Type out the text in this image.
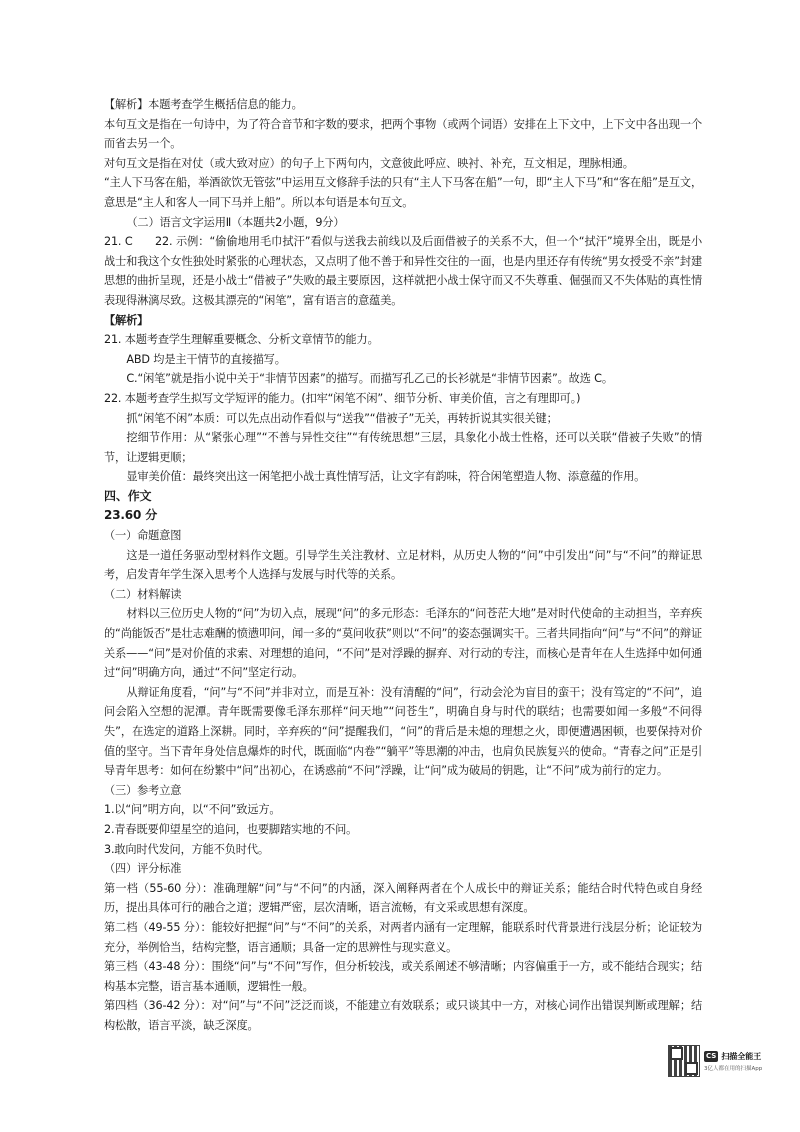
【解析】本题考查学生概括信息的能力。

本句互文是指在一句诗中，为了符合音节和字数的要求，把两个事物（或两个词语）安排在上下文中，上下文中各出现一个而省去另一个。

对句互文是指在对仗（或大致对应）的句子上下两句内，文意彼此呼应、映衬、补充，互文相足，理脉相通。

“主人下马客在船，举酒欲饮无管弦”中运用互文修辞手法的只有“主人下马客在船”一句，即“主人下马”和“客在船”是互文，意思是“主人和客人一同下马并上船”。所以本句语是本句互文。

（二）语言文字运用Ⅱ（本题共2小题，9分）

21. C　　22. 示例：“偷偷地用毛巾拭汗”看似与送我去前线以及后面借被子的关系不大，但一个“拭汗”境界全出，既是小战士和我这个女性独处时紧张的心理状态，又点明了他不善于和异性交往的一面，也是内里还存有传统“男女授受不亲”封建思想的曲折呈现，还是小战士“借被子”失败的最主要原因，这样就把小战士保守而又不失尊重、倔强而又不失体贴的真性情表现得淋漓尽致。这极其漂亮的“闲笔”，富有语言的意蕴美。

【解析】

21. 本题考查学生理解重要概念、分析文章情节的能力。

ABD 均是主干情节的直接描写。

C.“闲笔”就是指小说中关于“非情节因素”的描写。而描写孔乙己的长衫就是“非情节因素”。故选 C。

22. 本题考查学生拟写文学短评的能力。(扣牢“闲笔不闲”、细节分析、审美价值，言之有理即可。)

抓“闲笔不闲”本质：可以先点出动作看似与“送我”“借被子”无关，再转折说其实很关键；

挖细节作用：从“紧张心理”“不善与异性交往”“有传统思想”三层，具象化小战士性格，还可以关联“借被子失败”的情节，让逻辑更顺；

显审美价值：最终突出这一闲笔把小战士真性情写活，让文字有韵味，符合闲笔塑造人物、添意蕴的作用。

四、作文

23.60 分

（一）命题意图

这是一道任务驱动型材料作文题。引导学生关注教材、立足材料，从历史人物的“问”中引发出“问”与“不问”的辩证思考，启发青年学生深入思考个人选择与发展与时代等的关系。

（二）材料解读

材料以三位历史人物的“问”为切入点，展现“问”的多元形态：毛泽东的“问苍茫大地”是对时代使命的主动担当，辛弃疾的“尚能饭否”是壮志难酬的愤懑叩问，闻一多的“莫问收获”则以“不问”的姿态强调实干。三者共同指向“问”与“不问”的辩证关系——“问”是对价值的求索、对理想的追问，“不问”是对浮躁的摒弃、对行动的专注，而核心是青年在人生选择中如何通过“问”明确方向，通过“不问”坚定行动。

从辩证角度看，“问”与“不问”并非对立，而是互补：没有清醒的“问”，行动会沦为盲目的蛮干；没有笃定的“不问”，追问会陷入空想的泥潭。青年既需要像毛泽东那样“问天地”“问苍生”，明确自身与时代的联结；也需要如闻一多般“不问得失”，在选定的道路上深耕。同时，辛弃疾的“问”提醒我们，“问”的背后是未熄的理想之火，即便遭遇困顿，也要保持对价值的坚守。当下青年身处信息爆炸的时代，既面临“内卷”“躺平”等思潮的冲击，也肩负民族复兴的使命。“青春之问”正是引导青年思考：如何在纷繁中“问”出初心，在诱惑前“不问”浮躁，让“问”成为破局的钥匙，让“不问”成为前行的定力。

（三）参考立意

1.以“问”明方向，以“不问”致远方。

2.青春既要仰望星空的追问，也要脚踏实地的不问。

3.敢向时代发问，方能不负时代。

（四）评分标准

第一档（55-60 分）：准确理解“问”与“不问”的内涵，深入阐释两者在个人成长中的辩证关系；能结合时代特色或自身经历，提出具体可行的融合之道；逻辑严密，层次清晰，语言流畅，有文采或思想有深度。

第二档（49-55 分）：能较好把握“问”与“不问”的关系，对两者内涵有一定理解，能联系时代背景进行浅层分析；论证较为充分，举例恰当，结构完整，语言通顺；具备一定的思辨性与现实意义。

第三档（43-48 分）：围绕“问”与“不问”写作，但分析较浅，或关系阐述不够清晰；内容偏重于一方，或不能结合现实；结构基本完整，语言基本通顺，逻辑性一般。

第四档（36-42 分）：对“问”与“不问”泛泛而谈，不能建立有效联系；或只谈其中一方，对核心词作出错误判断或理解；结构松散，语言平淡，缺乏深度。

CS 扫描全能王
3亿人都在用的扫描App
